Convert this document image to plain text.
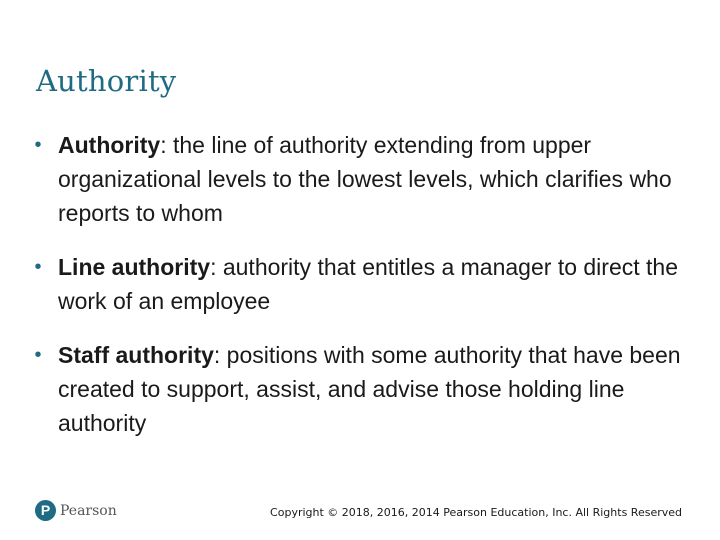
Authority
• Authority: the line of authority extending from upper organizational levels to the lowest levels, which clarifies who reports to whom
• Line authority: authority that entitles a manager to direct the work of an employee
• Staff authority: positions with some authority that have been created to support, assist, and advise those holding line authority
P
Pearson	Copyright © 2018, 2016, 2014 Pearson Education, Inc. All Rights Reserved
